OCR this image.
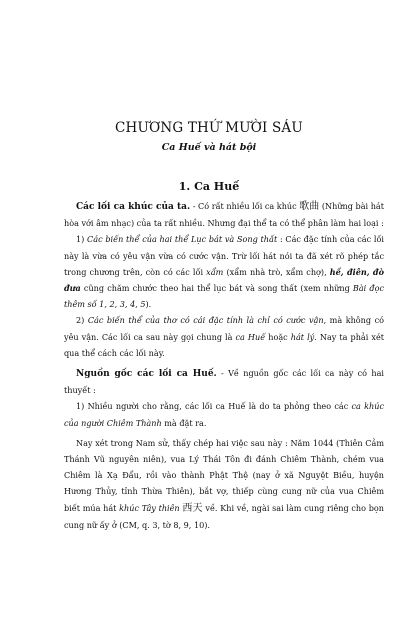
CHƯƠNG THỨ MƯỜI SÁU
Ca Huế và hát bội
1. Ca Huế

Các lối ca khúc của ta. - Có rất nhiều lối ca khúc 歌曲 (Những bài hát hòa với âm nhạc) của ta rất nhiều. Nhưng đại thể ta có thể phân làm hai loại :

1) Các biến thể của hai thể Lục bát và Song thất : Các đặc tính của các lối này là vừa có yêu vận vừa có cước vận. Trừ lối hát nói ta đã xét rõ phép tắc trong chương trên, còn có các lối xẩm (xẩm nhà trò, xẩm chợ), hề, điên, đò đưa cũng chăm chước theo hai thể lục bát và song thất (xem những Bài đọc thêm số 1, 2, 3, 4, 5).

2) Các biến thể của thơ có cái đặc tính là chỉ có cước vận, mà không có yêu vận. Các lối ca sau này gọi chung là ca Huế hoặc hát lý. Nay ta phải xét qua thể cách các lối này.

Nguồn gốc các lối ca Huế. - Về nguồn gốc các lối ca này có hai thuyết :

1) Nhiều người cho rằng, các lối ca Huế là do ta phỏng theo các ca khúc của người Chiêm Thành mà đặt ra.

Nay xét trong Nam sử, thấy chép hai việc sau này : Năm 1044 (Thiên Cảm Thánh Vũ nguyên niên), vua Lý Thái Tôn đi đánh Chiêm Thành, chém vua Chiêm là Xạ Đẩu, rồi vào thành Phật Thệ (nay ở xã Nguyệt Biều, huyện Hương Thủy, tỉnh Thừa Thiên), bắt vợ, thiếp cùng cung nữ của vua Chiêm biết múa hát khúc Tây thiên 西天 về. Khi về, ngài sai làm cung riêng cho bọn cung nữ ấy ở (CM, q. 3, tờ 8, 9, 10).
